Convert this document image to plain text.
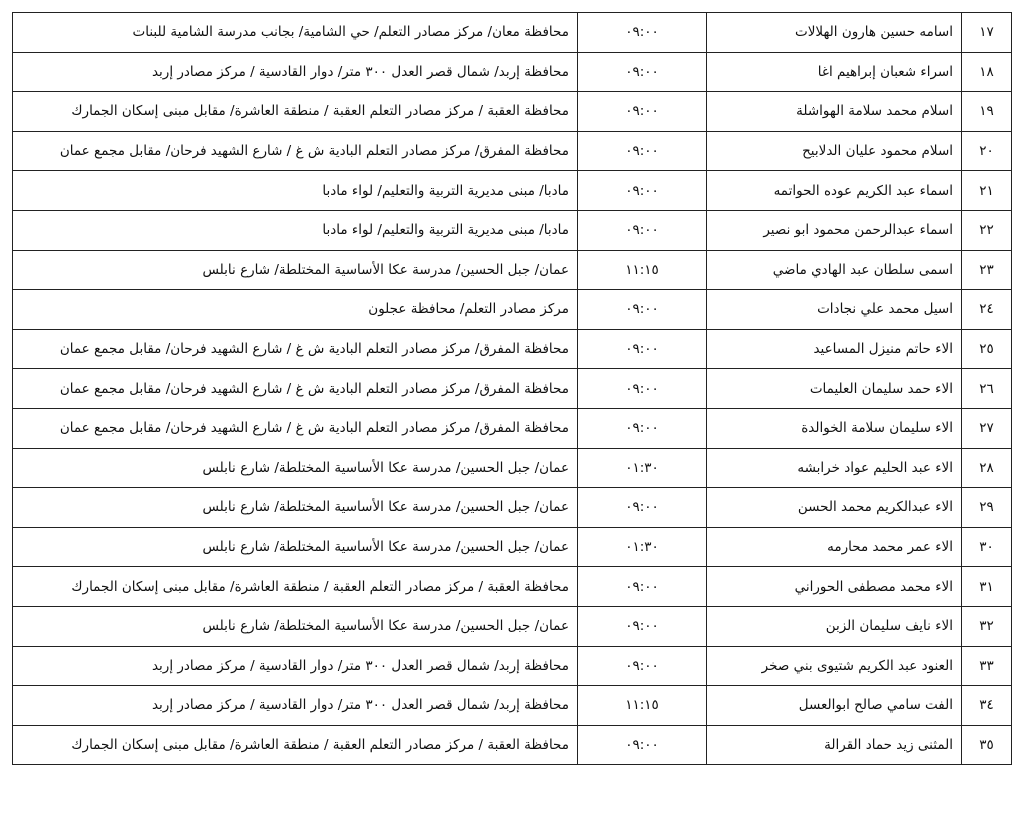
١٧	اسامه حسين هارون الهلالات	٠٩:٠٠	محافظة معان/ مركز مصادر التعلم/ حي الشامية/ بجانب مدرسة الشامية للبنات
١٨	اسراء شعبان إبراهيم اغا	٠٩:٠٠	محافظة إربد/ شمال قصر العدل ٣٠٠ متر/ دوار القادسية / مركز مصادر إربد
١٩	اسلام محمد سلامة الهواشلة	٠٩:٠٠	محافظة العقبة / مركز مصادر التعلم العقبة / منطقة العاشرة/ مقابل مبنى إسكان الجمارك
٢٠	اسلام محمود عليان الدلابيح	٠٩:٠٠	محافظة المفرق/ مركز مصادر التعلم البادية ش غ / شارع الشهيد فرحان/ مقابل مجمع عمان
٢١	اسماء عبد الكريم عوده الحواتمه	٠٩:٠٠	مادبا/ مبنى مديرية التربية والتعليم/ لواء مادبا
٢٢	اسماء عبدالرحمن محمود ابو نصير	٠٩:٠٠	مادبا/ مبنى مديرية التربية والتعليم/ لواء مادبا
٢٣	اسمى سلطان عبد الهادي ماضي	١١:١٥	عمان/ جبل الحسين/ مدرسة عكا الأساسية المختلطة/ شارع نابلس
٢٤	اسيل محمد علي نجادات	٠٩:٠٠	مركز مصادر التعلم/ محافظة عجلون
٢٥	الاء حاتم منيزل المساعيد	٠٩:٠٠	محافظة المفرق/ مركز مصادر التعلم البادية ش غ / شارع الشهيد فرحان/ مقابل مجمع عمان
٢٦	الاء حمد سليمان العليمات	٠٩:٠٠	محافظة المفرق/ مركز مصادر التعلم البادية ش غ / شارع الشهيد فرحان/ مقابل مجمع عمان
٢٧	الاء سليمان سلامة الخوالدة	٠٩:٠٠	محافظة المفرق/ مركز مصادر التعلم البادية ش غ / شارع الشهيد فرحان/ مقابل مجمع عمان
٢٨	الاء عبد الحليم عواد خرابشه	٠١:٣٠	عمان/ جبل الحسين/ مدرسة عكا الأساسية المختلطة/ شارع نابلس
٢٩	الاء عبدالكريم محمد الحسن	٠٩:٠٠	عمان/ جبل الحسين/ مدرسة عكا الأساسية المختلطة/ شارع نابلس
٣٠	الاء عمر محمد محارمه	٠١:٣٠	عمان/ جبل الحسين/ مدرسة عكا الأساسية المختلطة/ شارع نابلس
٣١	الاء محمد مصطفى الحوراني	٠٩:٠٠	محافظة العقبة / مركز مصادر التعلم العقبة / منطقة العاشرة/ مقابل مبنى إسكان الجمارك
٣٢	الاء نايف سليمان الزبن	٠٩:٠٠	عمان/ جبل الحسين/ مدرسة عكا الأساسية المختلطة/ شارع نابلس
٣٣	العنود عبد الكريم شتيوى بني صخر	٠٩:٠٠	محافظة إربد/ شمال قصر العدل ٣٠٠ متر/ دوار القادسية / مركز مصادر إربد
٣٤	الفت سامي صالح ابوالعسل	١١:١٥	محافظة إربد/ شمال قصر العدل ٣٠٠ متر/ دوار القادسية / مركز مصادر إربد
٣٥	المثنى زيد حماد القرالة	٠٩:٠٠	محافظة العقبة / مركز مصادر التعلم العقبة / منطقة العاشرة/ مقابل مبنى إسكان الجمارك
